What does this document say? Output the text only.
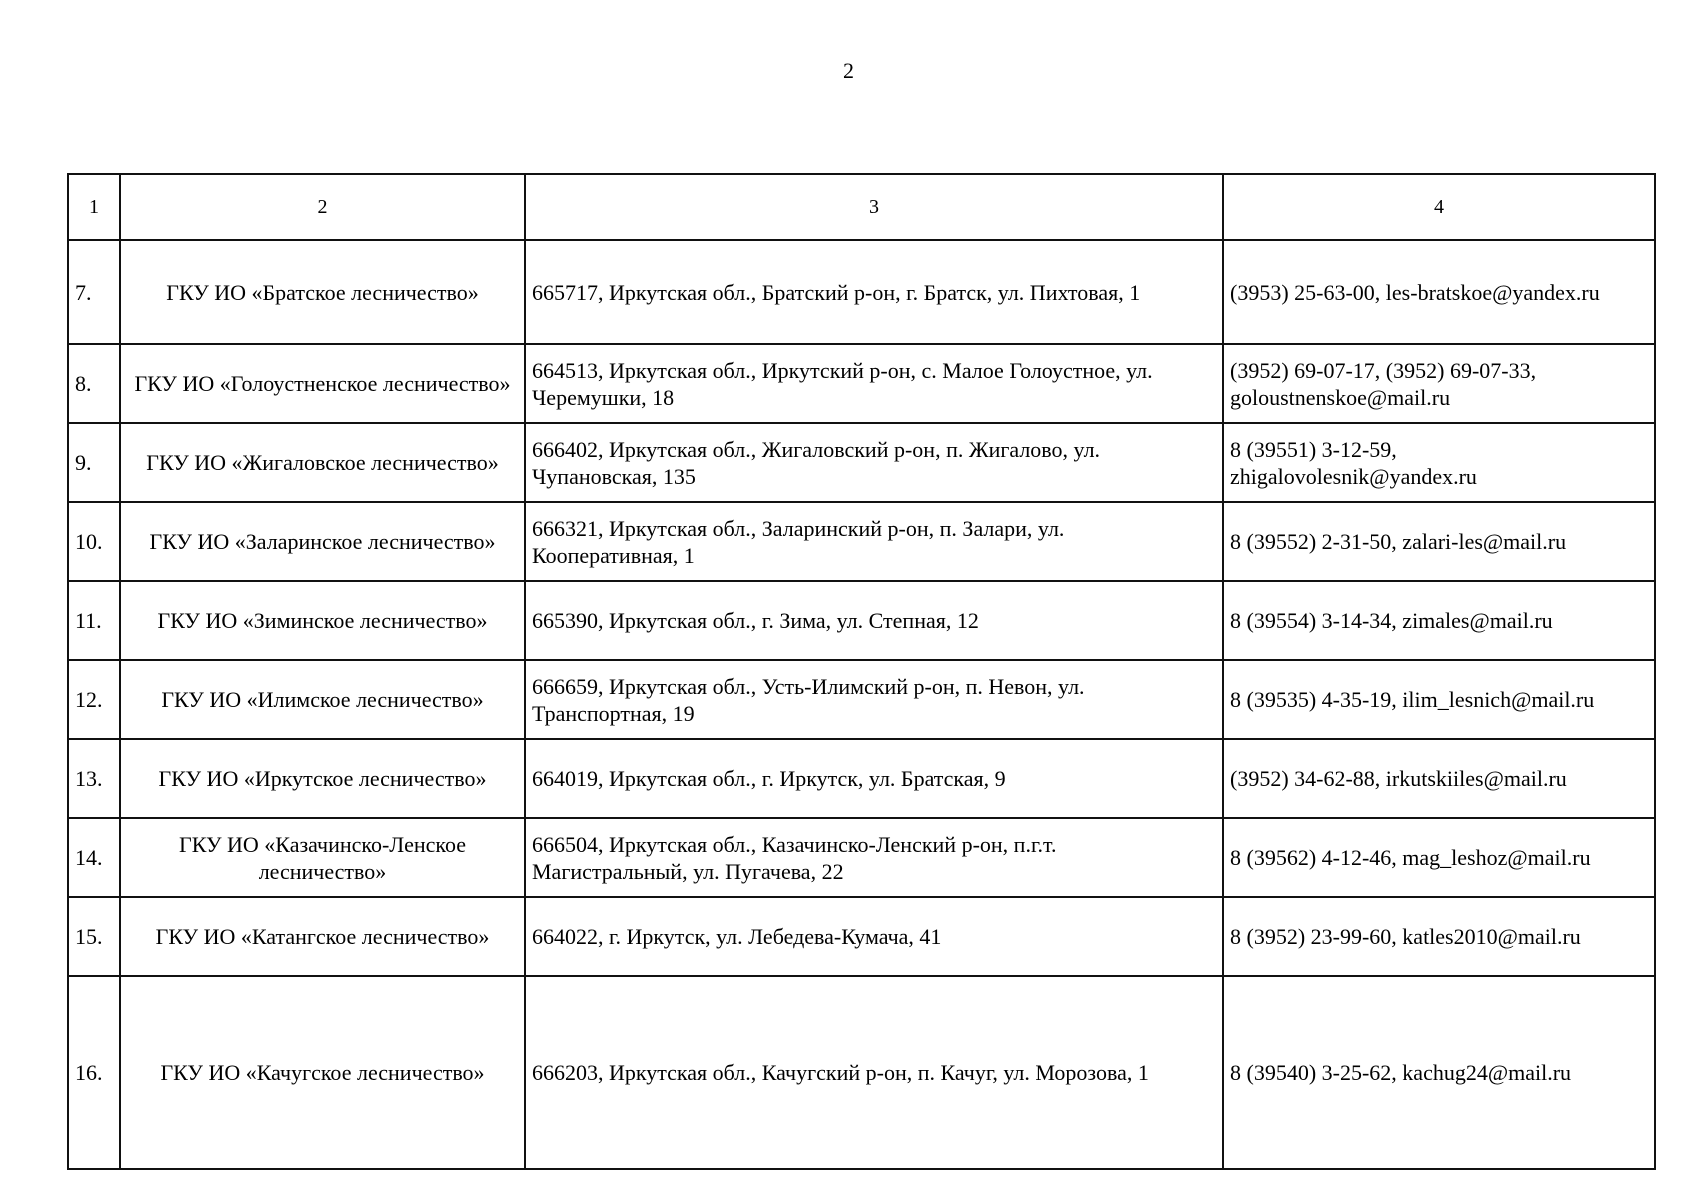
2
1	2	3	4
7.	ГКУ ИО «Братское лесничество»	665717, Иркутская обл., Братский р-он, г. Братск, ул. Пихтовая, 1	(3953) 25-63-00, les-bratskoe@yandex.ru
8.	ГКУ ИО «Голоустненское лесничество»	664513, Иркутская обл., Иркутский р-он, с. Малое Голоустное, ул. Черемушки, 18	(3952) 69-07-17, (3952) 69-07-33, goloustnenskoe@mail.ru
9.	ГКУ ИО «Жигаловское лесничество»	666402, Иркутская обл., Жигаловский р-он, п. Жигалово, ул. Чупановская, 135	8 (39551) 3-12-59, zhigalovolesnik@yandex.ru
10.	ГКУ ИО «Заларинское лесничество»	666321, Иркутская обл., Заларинский р-он, п. Залари, ул. Кооперативная, 1	8 (39552) 2-31-50, zalari-les@mail.ru
11.	ГКУ ИО «Зиминское лесничество»	665390, Иркутская обл., г. Зима, ул. Степная, 12	8 (39554) 3-14-34, zimales@mail.ru
12.	ГКУ ИО «Илимское лесничество»	666659, Иркутская обл., Усть-Илимский р-он, п. Невон, ул. Транспортная, 19	8 (39535) 4-35-19, ilim_lesnich@mail.ru
13.	ГКУ ИО «Иркутское лесничество»	664019, Иркутская обл., г. Иркутск, ул. Братская, 9	(3952) 34-62-88, irkutskiiles@mail.ru
14.	ГКУ ИО «Казачинско-Ленское лесничество»	666504, Иркутская обл., Казачинско-Ленский р-он, п.г.т. Магистральный, ул. Пугачева, 22	8 (39562) 4-12-46, mag_leshoz@mail.ru
15.	ГКУ ИО «Катангское лесничество»	664022, г. Иркутск, ул. Лебедева-Кумача, 41	8 (3952) 23-99-60, katles2010@mail.ru
16.	ГКУ ИО «Качугское лесничество»	666203, Иркутская обл., Качугский р-он, п. Качуг, ул. Морозова, 1	8 (39540) 3-25-62, kachug24@mail.ru
